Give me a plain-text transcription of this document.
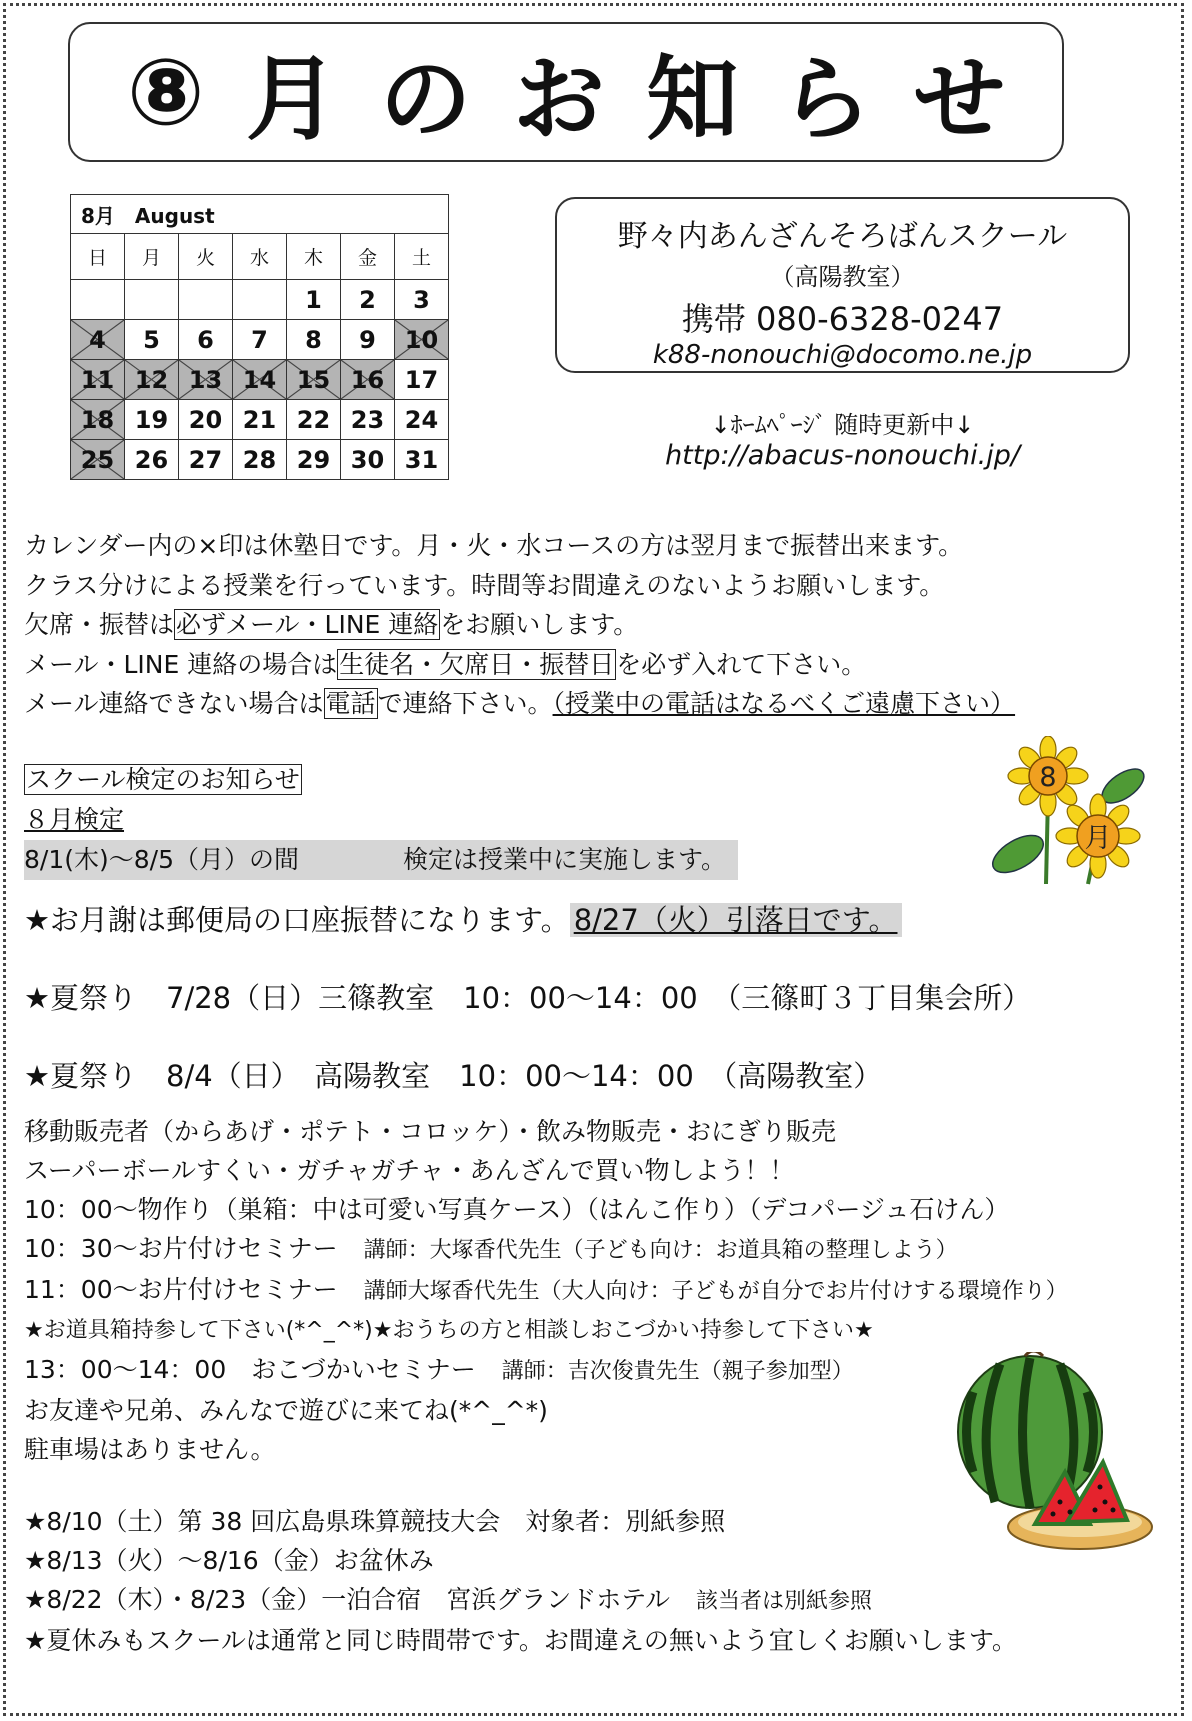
⑧ 月 の お 知 ら せ
8月　August						
日	月	火	水	木	金	土
				1	2	3

4	5	6	7	8	9	10

11	12	13	14	15	16	17

18	19	20	21	22	23	24

25	26	27	28	29	30	31
野々内あんざんそろばんスクール
（高陽教室）
携帯 080-6328-0247
k88-nonouchi@docomo.ne.jp
↓ﾎｰﾑﾍﾟｰｼﾞ 随時更新中↓
http://abacus-nonouchi.jp/
カレンダー内の×印は休塾日です。月・火・水コースの方は翌月まで振替出来ます。
クラス分けによる授業を行っています。時間等お間違えのないようお願いします。
欠席・振替は必ずメール・LINE 連絡をお願いします。
メール・LINE 連絡の場合は生徒名・欠席日・振替日を必ず入れて下さい。
メール連絡できない場合は電話で連絡下さい。（授業中の電話はなるべくご遠慮下さい）
スクール検定のお知らせ
８月検定
8/1(木)～8/5（月）の間	検定は授業中に実施します。
★お月謝は郵便局の口座振替になります。 8/27（火）引落日です。
★夏祭り　7/28（日）三篠教室　10：00～14：00　（三篠町３丁目集会所）
★夏祭り　8/4（日）　高陽教室　10：00～14：00　（高陽教室）
移動販売者（からあげ・ポテト・コロッケ）・飲み物販売・おにぎり販売
スーパーボールすくい・ガチャガチャ・あんざんで買い物しよう！！
10：00～物作り（巣箱：中は可愛い写真ケース）（はんこ作り）（デコパージュ石けん）
10：30～お片付けセミナー 講師：大塚香代先生（子ども向け：お道具箱の整理しよう）
11：00～お片付けセミナー 講師大塚香代先生（大人向け：子どもが自分でお片付けする環境作り）
★お道具箱持参して下さい(*^_^*)★おうちの方と相談しおこづかい持参して下さい★
13：00～14：00　おこづかいセミナー 講師：吉次俊貴先生（親子参加型）
お友達や兄弟、みんなで遊びに来てね(*^_^*)
駐車場はありません。
★8/10（土）第 38 回広島県珠算競技大会　対象者：別紙参照
★8/13（火）～8/16（金）お盆休み
★8/22（木）・8/23（金）一泊合宿　宮浜グランドホテル 該当者は別紙参照
★夏休みもスクールは通常と同じ時間帯です。お間違えの無いよう宜しくお願いします。
8
月
